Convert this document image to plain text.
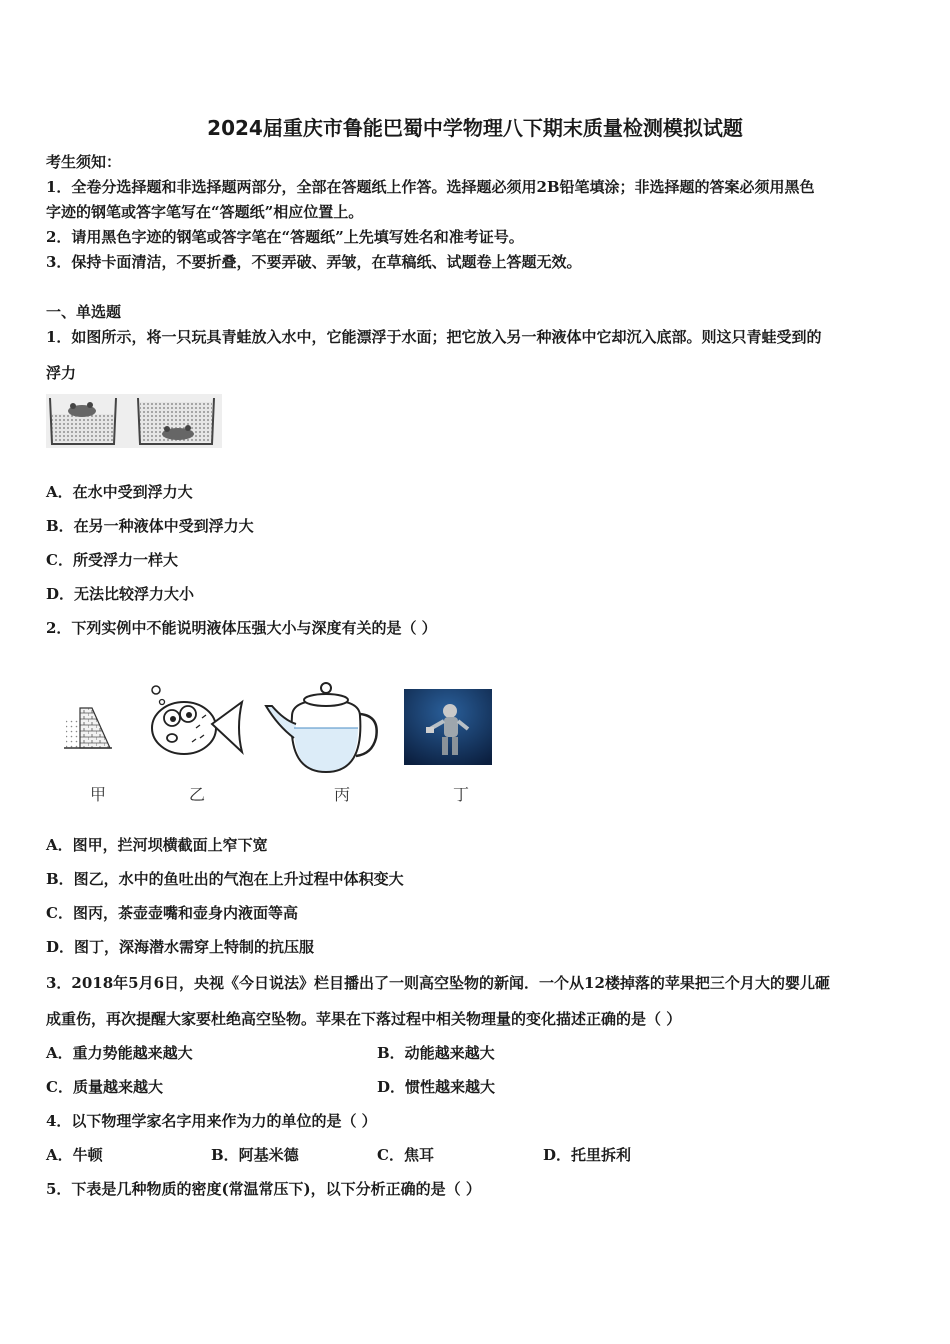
2024届重庆市鲁能巴蜀中学物理八下期末质量检测模拟试题
考生须知：
1．全卷分选择题和非选择题两部分，全部在答题纸上作答。选择题必须用2B铅笔填涂；非选择题的答案必须用黑色
字迹的钢笔或答字笔写在“答题纸”相应位置上。
2．请用黑色字迹的钢笔或答字笔在“答题纸”上先填写姓名和准考证号。
3．保持卡面清洁，不要折叠，不要弄破、弄皱，在草稿纸、试题卷上答题无效。
一、单选题
1．如图所示，将一只玩具青蛙放入水中，它能漂浮于水面；把它放入另一种液体中它却沉入底部。则这只青蛙受到的
浮力
A．在水中受到浮力大
B．在另一种液体中受到浮力大
C．所受浮力一样大
D．无法比较浮力大小
2．下列实例中不能说明液体压强大小与深度有关的是（ ）
甲	乙	丙	丁
A．图甲，拦河坝横截面上窄下宽
B．图乙，水中的鱼吐出的气泡在上升过程中体积变大
C．图丙，茶壶壶嘴和壶身内液面等高
D．图丁，深海潜水需穿上特制的抗压服
3．2018年5月6日，央视《今日说法》栏目播出了一则高空坠物的新闻．一个从12楼掉落的苹果把三个月大的婴儿砸
成重伤，再次提醒大家要杜绝高空坠物。苹果在下落过程中相关物理量的变化描述正确的是（ ）
A．重力势能越来越大	B．动能越来越大
C．质量越来越大	D．惯性越来越大
4．以下物理学家名字用来作为力的单位的是（ ）
A．牛顿	B．阿基米德	C．焦耳	D．托里拆利
5．下表是几种物质的密度(常温常压下)，以下分析正确的是（ ）
